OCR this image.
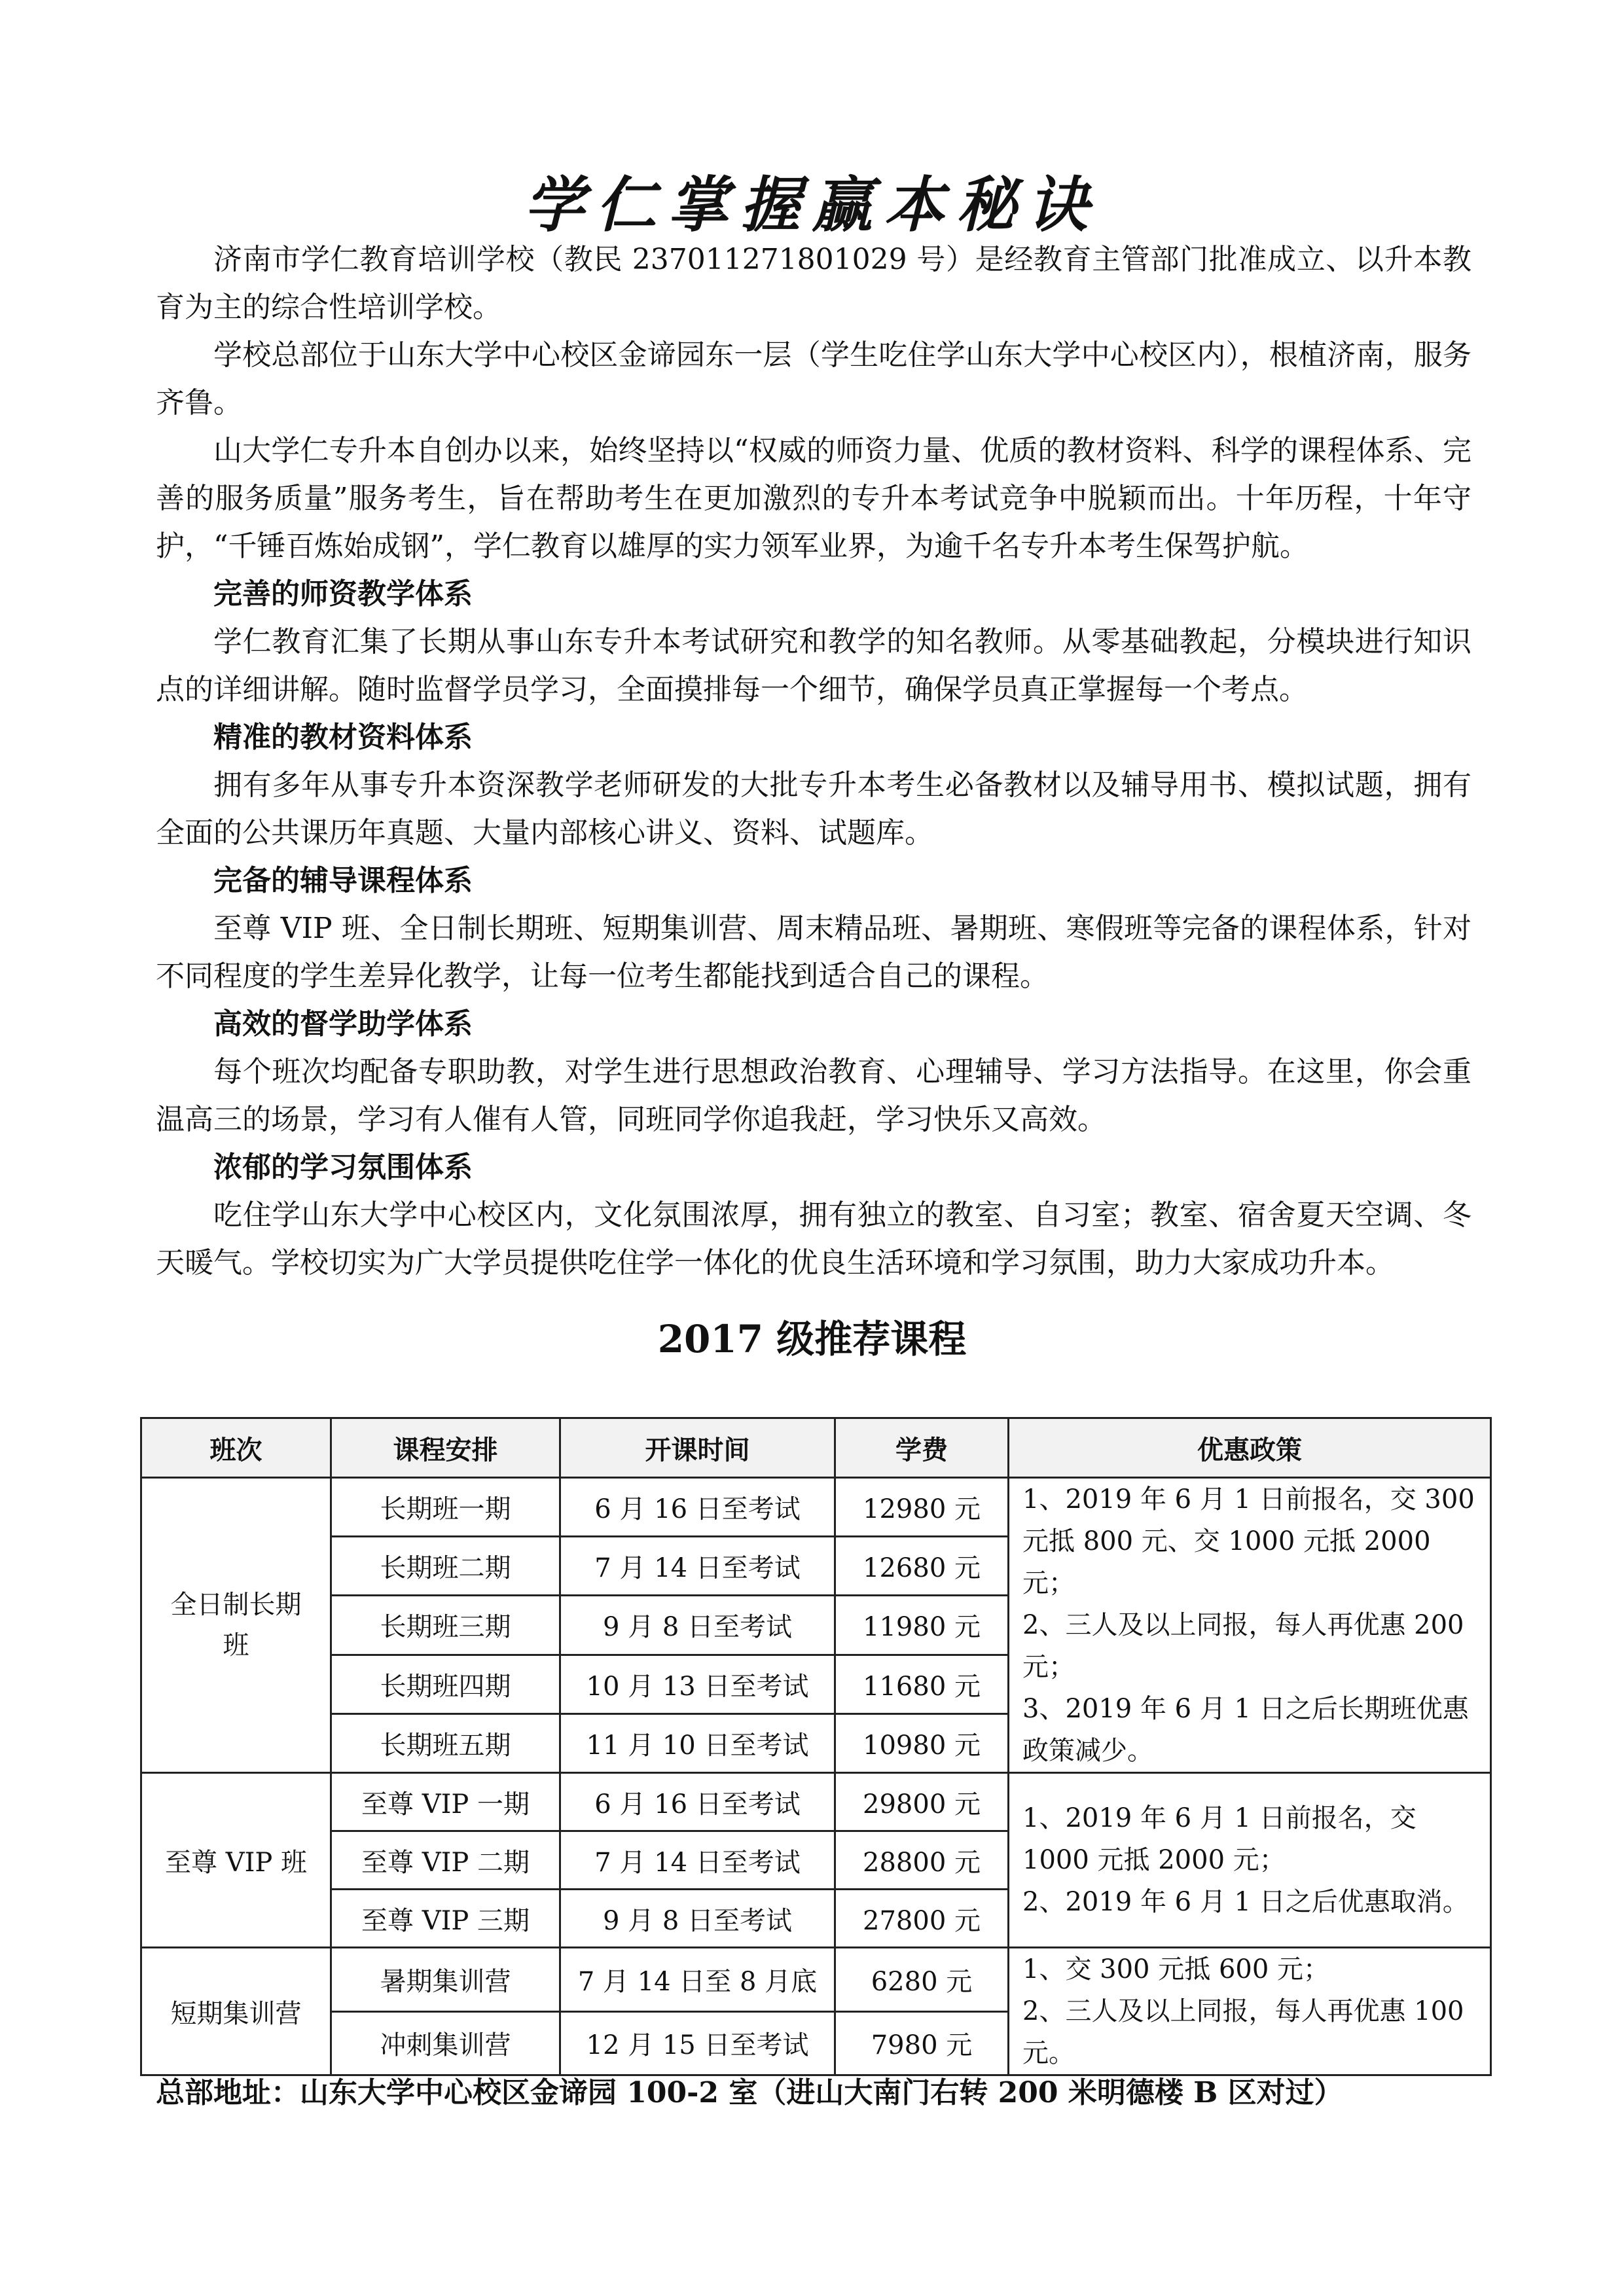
学仁掌握赢本秘诀

济南市学仁教育培训学校（教民 237011271801029 号）是经教育主管部门批准成立、以升本教育为主的综合性培训学校。

学校总部位于山东大学中心校区金谛园东一层（学生吃住学山东大学中心校区内），根植济南，服务齐鲁。

山大学仁专升本自创办以来，始终坚持以“权威的师资力量、优质的教材资料、科学的课程体系、完善的服务质量”服务考生，旨在帮助考生在更加激烈的专升本考试竞争中脱颖而出。十年历程，十年守护，“千锤百炼始成钢”，学仁教育以雄厚的实力领军业界，为逾千名专升本考生保驾护航。

完善的师资教学体系

学仁教育汇集了长期从事山东专升本考试研究和教学的知名教师。从零基础教起，分模块进行知识点的详细讲解。随时监督学员学习，全面摸排每一个细节，确保学员真正掌握每一个考点。

精准的教材资料体系

拥有多年从事专升本资深教学老师研发的大批专升本考生必备教材以及辅导用书、模拟试题，拥有全面的公共课历年真题、大量内部核心讲义、资料、试题库。

完备的辅导课程体系

至尊 VIP 班、全日制长期班、短期集训营、周末精品班、暑期班、寒假班等完备的课程体系，针对不同程度的学生差异化教学，让每一位考生都能找到适合自己的课程。

高效的督学助学体系

每个班次均配备专职助教，对学生进行思想政治教育、心理辅导、学习方法指导。在这里，你会重温高三的场景，学习有人催有人管，同班同学你追我赶，学习快乐又高效。

浓郁的学习氛围体系

吃住学山东大学中心校区内，文化氛围浓厚，拥有独立的教室、自习室；教室、宿舍夏天空调、冬天暖气。学校切实为广大学员提供吃住学一体化的优良生活环境和学习氛围，助力大家成功升本。

2017 级推荐课程
班次	课程安排	开课时间	学费	优惠政策
全日制长期班	长期班一期	6 月 16 日至考试	12980 元	1、2019 年 6 月 1 日前报名，交 300 元抵 800 元、交 1000 元抵 2000 元；
2、三人及以上同报，每人再优惠 200 元；
3、2019 年 6 月 1 日之后长期班优惠政策减少。

	长期班二期	7 月 14 日至考试	12680 元	
	长期班三期	9 月 8 日至考试	11980 元	
	长期班四期	10 月 13 日至考试	11680 元	
	长期班五期	11 月 10 日至考试	10980 元	
至尊 VIP 班	至尊 VIP 一期	6 月 16 日至考试	29800 元	1、2019 年 6 月 1 日前报名，交 1000 元抵 2000 元；
2、2019 年 6 月 1 日之后优惠取消。

	至尊 VIP 二期	7 月 14 日至考试	28800 元	
	至尊 VIP 三期	9 月 8 日至考试	27800 元	
短期集训营	暑期集训营	7 月 14 日至 8 月底	6280 元	1、交 300 元抵 600 元；
2、三人及以上同报，每人再优惠 100 元。

	冲刺集训营	12 月 15 日至考试	7980 元	
总部地址：山东大学中心校区金谛园 100-2 室（进山大南门右转 200 米明德楼 B 区对过）
